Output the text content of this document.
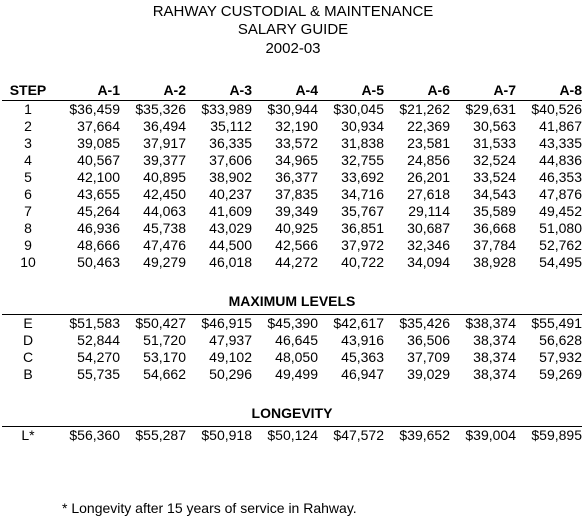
RAHWAY CUSTODIAL & MAINTENANCE
SALARY GUIDE
2002-03
STEP	A-1	A-2	A-3	A-4	A-5	A-6	A-7	A-8

1	$36,459	$35,326	$33,989	$30,944	$30,045	$21,262	$29,631	$40,526
2	37,664	36,494	35,112	32,190	30,934	22,369	30,563	41,867
3	39,085	37,917	36,335	33,572	31,838	23,581	31,533	43,335
4	40,567	39,377	37,606	34,965	32,755	24,856	32,524	44,836
5	42,100	40,895	38,902	36,377	33,692	26,201	33,524	46,353
6	43,655	42,450	40,237	37,835	34,716	27,618	34,543	47,876
7	45,264	44,063	41,609	39,349	35,767	29,114	35,589	49,452
8	46,936	45,738	43,029	40,925	36,851	30,687	36,668	51,080
9	48,666	47,476	44,500	42,566	37,972	32,346	37,784	52,762
10	50,463	49,279	46,018	44,272	40,722	34,094	38,928	54,495

MAXIMUM LEVELS								

E	$51,583	$50,427	$46,915	$45,390	$42,617	$35,426	$38,374	$55,491
D	52,844	51,720	47,937	46,645	43,916	36,506	38,374	56,628
C	54,270	53,170	49,102	48,050	45,363	37,709	38,374	57,932
B	55,735	54,662	50,296	49,499	46,947	39,029	38,374	59,269

LONGEVITY								

L*	$56,360	$55,287	$50,918	$50,124	$47,572	$39,652	$39,004	$59,895
* Longevity after 15 years of service in Rahway.
